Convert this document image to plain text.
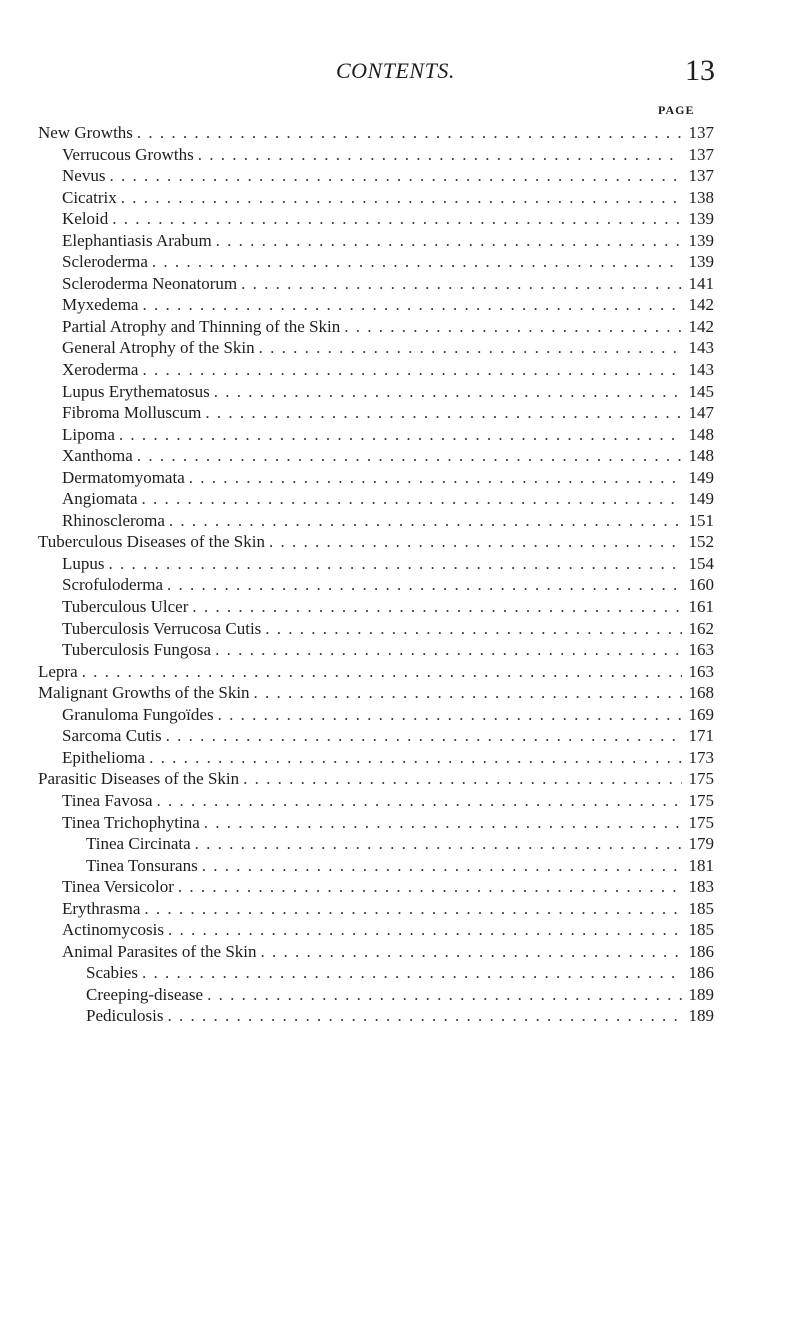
CONTENTS.	13
PAGE
New Growths . . .	137
Verrucous Growths . . .	137
Nevus . . .	137
Cicatrix . . .	138
Keloid . . .	139
Elephantiasis Arabum . . .	139
Scleroderma . . .	139
Scleroderma Neonatorum . . .	141
Myxedema . . .	142
Partial Atrophy and Thinning of the Skin . . .	142
General Atrophy of the Skin . . .	143
Xeroderma . . .	143
Lupus Erythematosus . . .	145
Fibroma Molluscum . . .	147
Lipoma . . .	148
Xanthoma . . .	148
Dermatomyomata . . .	149
Angiomata . . .	149
Rhinoscleroma . . .	151
Tuberculous Diseases of the Skin . . .	152
Lupus . . .	154
Scrofuloderma . . .	160
Tuberculous Ulcer . . .	161
Tuberculosis Verrucosa Cutis . . .	162
Tuberculosis Fungosa . . .	163
Lepra . . .	163
Malignant Growths of the Skin . . .	168
Granuloma Fungoïdes . . .	169
Sarcoma Cutis . . .	171
Epithelioma . . .	173
Parasitic Diseases of the Skin . . .	175
Tinea Favosa . . .	175
Tinea Trichophytina . . .	175
Tinea Circinata . . .	179
Tinea Tonsurans . . .	181
Tinea Versicolor . . .	183
Erythrasma . . .	185
Actinomycosis . . .	185
Animal Parasites of the Skin . . .	186
Scabies . . .	186
Creeping-disease . . .	189
Pediculosis . . .	189
